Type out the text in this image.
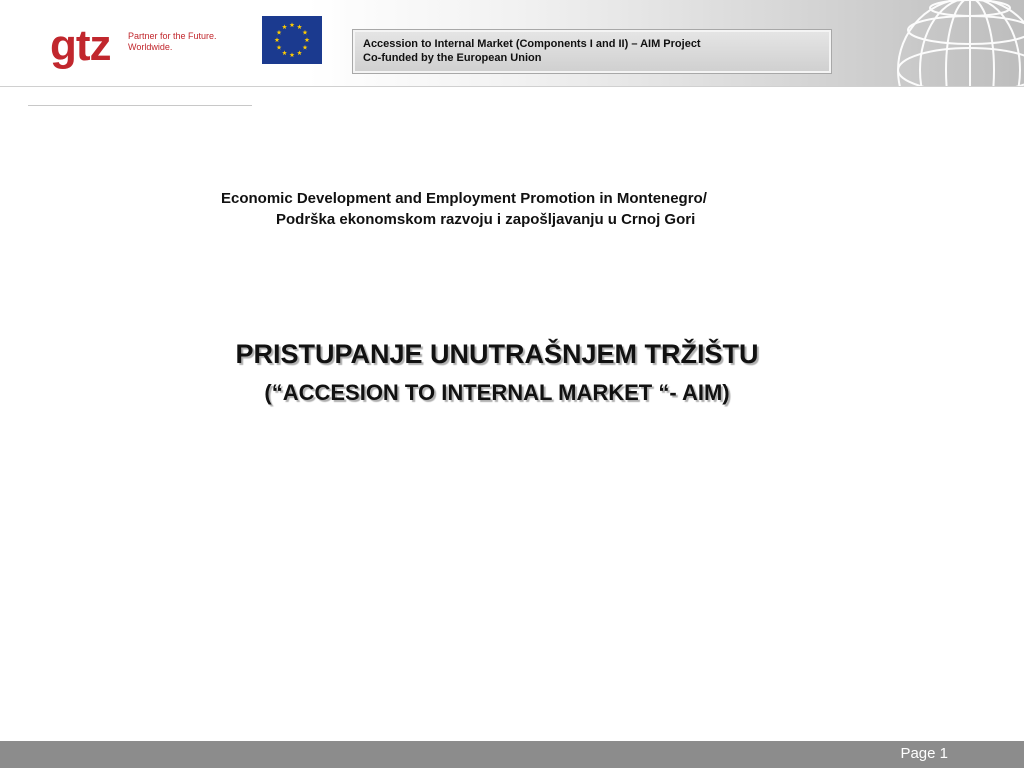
gtz Partner for the Future.
Worldwide.	Accession to Internal Market (Components I and II) – AIM Project
Co-funded by the European Union
Economic Development and Employment Promotion in Montenegro/
Podrška ekonomskom razvoju i zapošljavanju u Crnoj Gori
PRISTUPANJE UNUTRAŠNJEM TRŽIŠTU
(“ACCESION TO INTERNAL MARKET “- AIM)
Page 1
